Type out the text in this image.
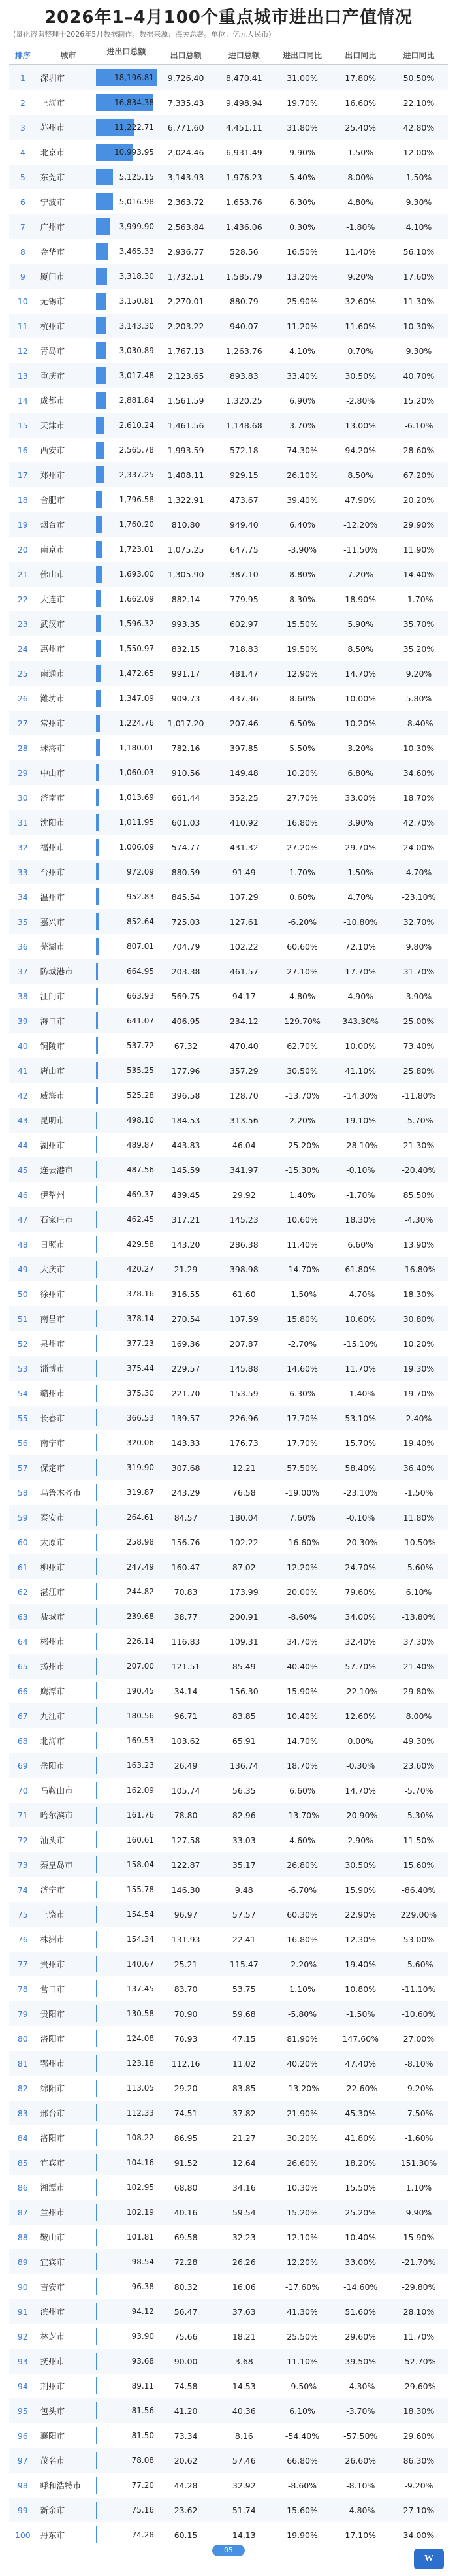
2026年1–4月100个重点城市进出口产值情况
(量化咨询整理于2026年5月数据制作。数据来源：海关总署。单位：亿元人民币)
排序	城市	进出口总额	出口总额	进口总额	进出口同比	出口同比	进口同比
1	深圳市	18,196.81	9,726.40	8,470.41	31.00%	17.80%	50.50%
2	上海市	16,834.38	7,335.43	9,498.94	19.70%	16.60%	22.10%
3	苏州市	11,222.71	6,771.60	4,451.11	31.80%	25.40%	42.80%
4	北京市	10,993.95	2,024.46	6,931.49	9.90%	1.50%	12.00%
5	东莞市	5,125.15	3,143.93	1,976.23	5.40%	8.00%	1.50%
6	宁波市	5,016.98	2,363.72	1,653.76	6.30%	4.80%	9.30%
7	广州市	3,999.90	2,563.84	1,436.06	0.30%	-1.80%	4.10%
8	金华市	3,465.33	2,936.77	528.56	16.50%	11.40%	56.10%
9	厦门市	3,318.30	1,732.51	1,585.79	13.20%	9.20%	17.60%
10	无锡市	3,150.81	2,270.01	880.79	25.90%	32.60%	11.30%
11	杭州市	3,143.30	2,203.22	940.07	11.20%	11.60%	10.30%
12	青岛市	3,030.89	1,767.13	1,263.76	4.10%	0.70%	9.30%
13	重庆市	3,017.48	2,123.65	893.83	33.40%	30.50%	40.70%
14	成都市	2,881.84	1,561.59	1,320.25	6.90%	-2.80%	15.20%
15	天津市	2,610.24	1,461.56	1,148.68	3.70%	13.00%	-6.10%
16	西安市	2,565.78	1,993.59	572.18	74.30%	94.20%	28.60%
17	郑州市	2,337.25	1,408.11	929.15	26.10%	8.50%	67.20%
18	合肥市	1,796.58	1,322.91	473.67	39.40%	47.90%	20.20%
19	烟台市	1,760.20	810.80	949.40	6.40%	-12.20%	29.90%
20	南京市	1,723.01	1,075.25	647.75	-3.90%	-11.50%	11.90%
21	佛山市	1,693.00	1,305.90	387.10	8.80%	7.20%	14.40%
22	大连市	1,662.09	882.14	779.95	8.30%	18.90%	-1.70%
23	武汉市	1,596.32	993.35	602.97	15.50%	5.90%	35.70%
24	惠州市	1,550.97	832.15	718.83	19.50%	8.50%	35.20%
25	南通市	1,472.65	991.17	481.47	12.90%	14.70%	9.20%
26	潍坊市	1,347.09	909.73	437.36	8.60%	10.00%	5.80%
27	常州市	1,224.76	1,017.20	207.46	6.50%	10.20%	-8.40%
28	珠海市	1,180.01	782.16	397.85	5.50%	3.20%	10.30%
29	中山市	1,060.03	910.56	149.48	10.20%	6.80%	34.60%
30	济南市	1,013.69	661.44	352.25	27.70%	33.00%	18.70%
31	沈阳市	1,011.95	601.03	410.92	16.80%	3.90%	42.70%
32	福州市	1,006.09	574.77	431.32	27.20%	29.70%	24.00%
33	台州市	972.09	880.59	91.49	1.70%	1.50%	4.70%
34	温州市	952.83	845.54	107.29	0.60%	4.70%	-23.10%
35	嘉兴市	852.64	725.03	127.61	-6.20%	-10.80%	32.70%
36	芜湖市	807.01	704.79	102.22	60.60%	72.10%	9.80%
37	防城港市	664.95	203.38	461.57	27.10%	17.70%	31.70%
38	江门市	663.93	569.75	94.17	4.80%	4.90%	3.90%
39	海口市	641.07	406.95	234.12	129.70%	343.30%	25.00%
40	铜陵市	537.72	67.32	470.40	62.70%	10.00%	73.40%
41	唐山市	535.25	177.96	357.29	30.50%	41.10%	25.80%
42	威海市	525.28	396.58	128.70	-13.70%	-14.30%	-11.80%
43	昆明市	498.10	184.53	313.56	2.20%	19.10%	-5.70%
44	湖州市	489.87	443.83	46.04	-25.20%	-28.10%	21.30%
45	连云港市	487.56	145.59	341.97	-15.30%	-0.10%	-20.40%
46	伊犁州	469.37	439.45	29.92	1.40%	-1.70%	85.50%
47	石家庄市	462.45	317.21	145.23	10.60%	18.30%	-4.30%
48	日照市	429.58	143.20	286.38	11.40%	6.60%	13.90%
49	大庆市	420.27	21.29	398.98	-14.70%	61.80%	-16.80%
50	徐州市	378.16	316.55	61.60	-1.50%	-4.70%	18.30%
51	南昌市	378.14	270.54	107.59	15.80%	10.60%	30.80%
52	泉州市	377.23	169.36	207.87	-2.70%	-15.10%	10.20%
53	淄博市	375.44	229.57	145.88	14.60%	11.70%	19.30%
54	赣州市	375.30	221.70	153.59	6.30%	-1.40%	19.70%
55	长春市	366.53	139.57	226.96	17.70%	53.10%	2.40%
56	南宁市	320.06	143.33	176.73	17.70%	15.70%	19.40%
57	保定市	319.90	307.68	12.21	57.50%	58.40%	36.40%
58	乌鲁木齐市	319.87	243.29	76.58	-19.00%	-23.10%	-1.50%
59	泰安市	264.61	84.57	180.04	7.60%	-0.10%	11.80%
60	太原市	258.98	156.76	102.22	-16.60%	-20.30%	-10.50%
61	柳州市	247.49	160.47	87.02	12.20%	24.70%	-5.60%
62	湛江市	244.82	70.83	173.99	20.00%	79.60%	6.10%
63	盐城市	239.68	38.77	200.91	-8.60%	34.00%	-13.80%
64	郴州市	226.14	116.83	109.31	34.70%	32.40%	37.30%
65	扬州市	207.00	121.51	85.49	40.40%	57.70%	21.40%
66	鹰潭市	190.45	34.14	156.30	15.90%	-22.10%	29.80%
67	九江市	180.56	96.71	83.85	10.40%	12.60%	8.00%
68	北海市	169.53	103.62	65.91	14.70%	0.00%	49.30%
69	岳阳市	163.23	26.49	136.74	18.70%	-0.30%	23.60%
70	马鞍山市	162.09	105.74	56.35	6.60%	14.70%	-5.70%
71	哈尔滨市	161.76	78.80	82.96	-13.70%	-20.90%	-5.30%
72	汕头市	160.61	127.58	33.03	4.60%	2.90%	11.50%
73	秦皇岛市	158.04	122.87	35.17	26.80%	30.50%	15.60%
74	济宁市	155.78	146.30	9.48	-6.70%	15.90%	-86.40%
75	上饶市	154.54	96.97	57.57	60.30%	22.90%	229.00%
76	株洲市	154.34	131.93	22.41	16.80%	12.30%	53.00%
77	贵州市	140.67	25.21	115.47	-2.20%	19.40%	-5.60%
78	营口市	137.45	83.70	53.75	1.10%	10.80%	-11.10%
79	贵阳市	130.58	70.90	59.68	-5.80%	-1.50%	-10.60%
80	洛阳市	124.08	76.93	47.15	81.90%	147.60%	27.00%
81	鄂州市	123.18	112.16	11.02	40.20%	47.40%	-8.10%
82	绵阳市	113.05	29.20	83.85	-13.20%	-22.60%	-9.20%
83	邢台市	112.33	74.51	37.82	21.90%	45.30%	-7.50%
84	洛阳市	108.22	86.95	21.27	30.20%	41.80%	-1.60%
85	宜宾市	104.16	91.52	12.64	26.60%	18.20%	151.30%
86	湘潭市	102.95	68.80	34.16	10.30%	15.50%	1.10%
87	兰州市	102.19	40.16	59.54	15.20%	25.20%	9.90%
88	鞍山市	101.81	69.58	32.23	12.10%	10.40%	15.90%
89	宜宾市	98.54	72.28	26.26	12.20%	33.00%	-21.70%
90	吉安市	96.38	80.32	16.06	-17.60%	-14.60%	-29.80%
91	滨州市	94.12	56.47	37.63	41.30%	51.60%	28.10%
92	林芝市	93.90	75.66	18.21	25.50%	29.60%	11.70%
93	抚州市	93.68	90.00	3.68	11.10%	39.50%	-52.70%
94	荆州市	89.11	74.58	14.53	-9.50%	-4.30%	-29.60%
95	包头市	81.56	41.20	40.36	6.10%	-3.70%	18.30%
96	襄阳市	81.50	73.34	8.16	-54.40%	-57.50%	29.60%
97	茂名市	78.08	20.62	57.46	66.80%	26.60%	86.30%
98	呼和浩特市	77.20	44.28	32.92	-8.60%	-8.10%	-9.20%
99	新余市	75.16	23.62	51.74	15.60%	-4.80%	27.10%
100	丹东市	74.28	60.15	14.13	19.90%	17.10%	34.00%
05
W
